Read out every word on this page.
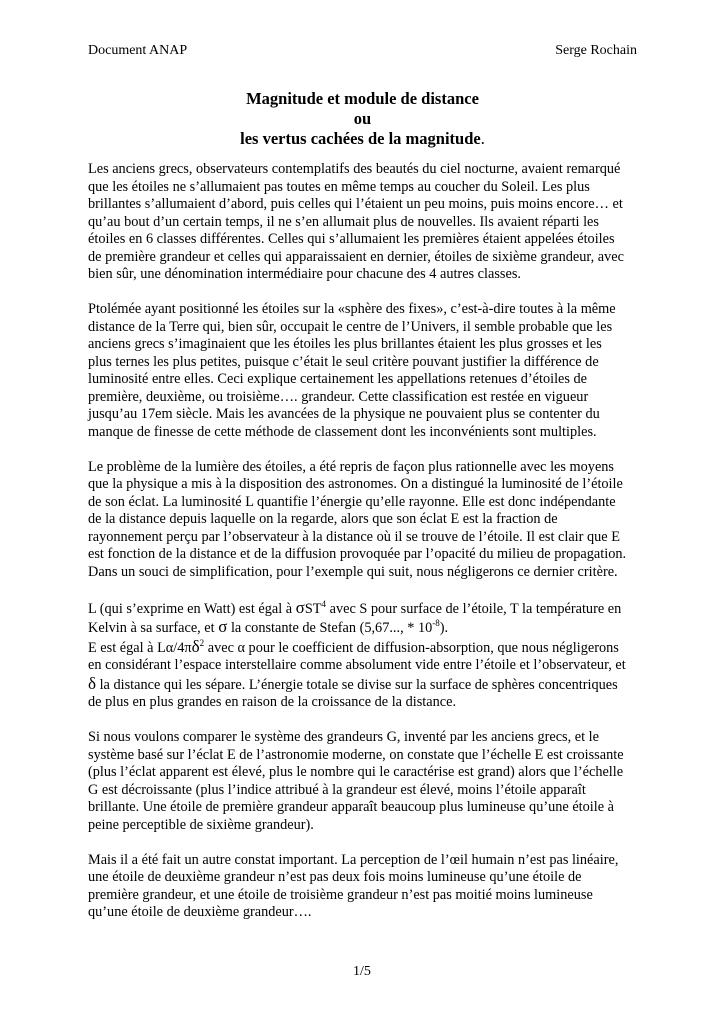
Document ANAP	Serge Rochain
Magnitude et module de distance
ou
les vertus cachées de la magnitude.

Les anciens grecs, observateurs contemplatifs des beautés du ciel nocturne, avaient remarqué
que les étoiles ne s’allumaient pas toutes en même temps au coucher du Soleil. Les plus
brillantes s’allumaient d’abord, puis celles qui l’étaient un peu moins, puis moins encore… et
qu’au bout d’un certain temps, il ne s’en allumait plus de nouvelles. Ils avaient réparti les
étoiles en 6 classes différentes. Celles qui s’allumaient les premières étaient appelées étoiles
de première grandeur et celles qui apparaissaient en dernier, étoiles de sixième grandeur, avec
bien sûr, une dénomination intermédiaire pour chacune des 4 autres classes.

Ptolémée ayant positionné les étoiles sur la «sphère des fixes», c’est-à-dire toutes à la même
distance de la Terre qui, bien sûr, occupait le centre de l’Univers, il semble probable que les
anciens grecs s’imaginaient que les étoiles les plus brillantes étaient les plus grosses et les
plus ternes les plus petites, puisque c’était le seul critère pouvant justifier la différence de
luminosité entre elles. Ceci explique certainement les appellations retenues d’étoiles de
première, deuxième, ou troisième…. grandeur. Cette classification est restée en vigueur
jusqu’au 17em siècle. Mais les avancées de la physique ne pouvaient plus se contenter du
manque de finesse de cette méthode de classement dont les inconvénients sont multiples.

Le problème de la lumière des étoiles, a été repris de façon plus rationnelle avec les moyens
que la physique a mis à la disposition des astronomes. On a distingué la luminosité de l’étoile
de son éclat. La luminosité L quantifie l’énergie qu’elle rayonne. Elle est donc indépendante
de la distance depuis laquelle on la regarde, alors que son éclat E est la fraction de
rayonnement perçu par l’observateur à la distance où il se trouve de l’étoile. Il est clair que E
est fonction de la distance et de la diffusion provoquée par l’opacité du milieu de propagation.
Dans un souci de simplification, pour l’exemple qui suit, nous négligerons ce dernier critère.

L (qui s’exprime en Watt) est égal à σST$^4$ avec S pour surface de l’étoile, T la température en
Kelvin à sa surface, et σ la constante de Stefan (5,67..., * $10^{-8}$).
E est égal à $L\alpha/4\pi\delta^2$ avec α pour le coefficient de diffusion-absorption, que nous négligerons
en considérant l’espace interstellaire comme absolument vide entre l’étoile et l’observateur, et
δ la distance qui les sépare. L’énergie totale se divise sur la surface de sphères concentriques
de plus en plus grandes en raison de la croissance de la distance.

Si nous voulons comparer le système des grandeurs G, inventé par les anciens grecs, et le
système basé sur l’éclat E de l’astronomie moderne, on constate que l’échelle E est croissante
(plus l’éclat apparent est élevé, plus le nombre qui le caractérise est grand) alors que l’échelle
G est décroissante (plus l’indice attribué à la grandeur est élevé, moins l’étoile apparaît
brillante. Une étoile de première grandeur apparaît beaucoup plus lumineuse qu’une étoile à
peine perceptible de sixième grandeur).

Mais il a été fait un autre constat important. La perception de l’œil humain n’est pas linéaire,
une étoile de deuxième grandeur n’est pas deux fois moins lumineuse qu’une étoile de
première grandeur, et une étoile de troisième grandeur n’est pas moitié moins lumineuse
qu’une étoile de deuxième grandeur….

1/5
